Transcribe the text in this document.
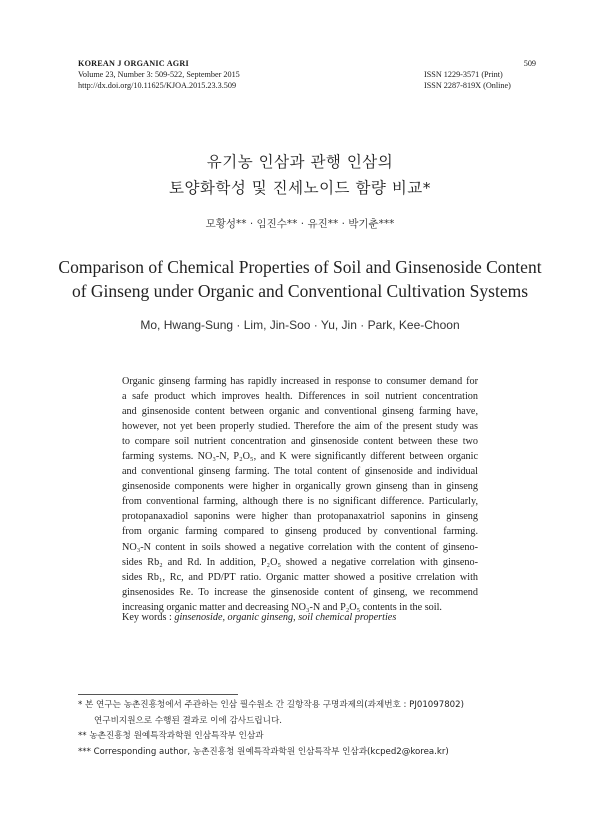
KOREAN J ORGANIC AGRI
Volume 23, Number 3: 509-522, September 2015
http://dx.doi.org/10.11625/KJOA.2015.23.3.509
509
ISSN 1229-3571 (Print)
ISSN 2287-819X (Online)
유기농 인삼과 관행 인삼의
토양화학성 및 진세노이드 함량 비교*
모황성** · 임진수** · 유진** · 박기춘***
Comparison of Chemical Properties of Soil and Ginsenoside Content
of Ginseng under Organic and Conventional Cultivation Systems
Mo, Hwang-Sung · Lim, Jin-Soo · Yu, Jin · Park, Kee-Choon
Organic ginseng farming has rapidly increased in response to consumer demand for
a safe product which improves health. Differences in soil nutrient concentration
and ginsenoside content between organic and conventional ginseng farming have,
however, not yet been properly studied. Therefore the aim of the present study was
to compare soil nutrient concentration and ginsenoside content between these two
farming systems. NO₃-N, P₂O₅, and K were significantly different between organic
and conventional ginseng farming. The total content of ginsenoside and individual
ginsenoside components were higher in organically grown ginseng than in ginseng
from conventional farming, although there is no significant difference. Particularly,
protopanaxadiol saponins were higher than protopanaxatriol saponins in ginseng
from organic farming compared to ginseng produced by conventional farming.
NO₃-N content in soils showed a negative correlation with the content of ginseno-
sides Rb₂ and Rd. In addition, P₂O₅ showed a negative correlation with ginseno-
sides Rb₁, Rc, and PD/PT ratio. Organic matter showed a positive crrelation with
ginsenosides Re. To increase the ginsenoside content of ginseng, we recommend
increasing organic matter and decreasing NO₃-N and P₂O₅ contents in the soil.
Key words : ginsenoside, organic ginseng, soil chemical properties
* 본 연구는 농촌진흥청에서 주관하는 인삼 필수원소 간 길항작용 구명과제의(과제번호 : PJ01097802)
연구비지원으로 수행된 결과로 이에 감사드립니다.
** 농촌진흥청 원예특작과학원 인삼특작부 인삼과
*** Corresponding author, 농촌진흥청 원예특작과학원 인삼특작부 인삼과(kcped2@korea.kr)
